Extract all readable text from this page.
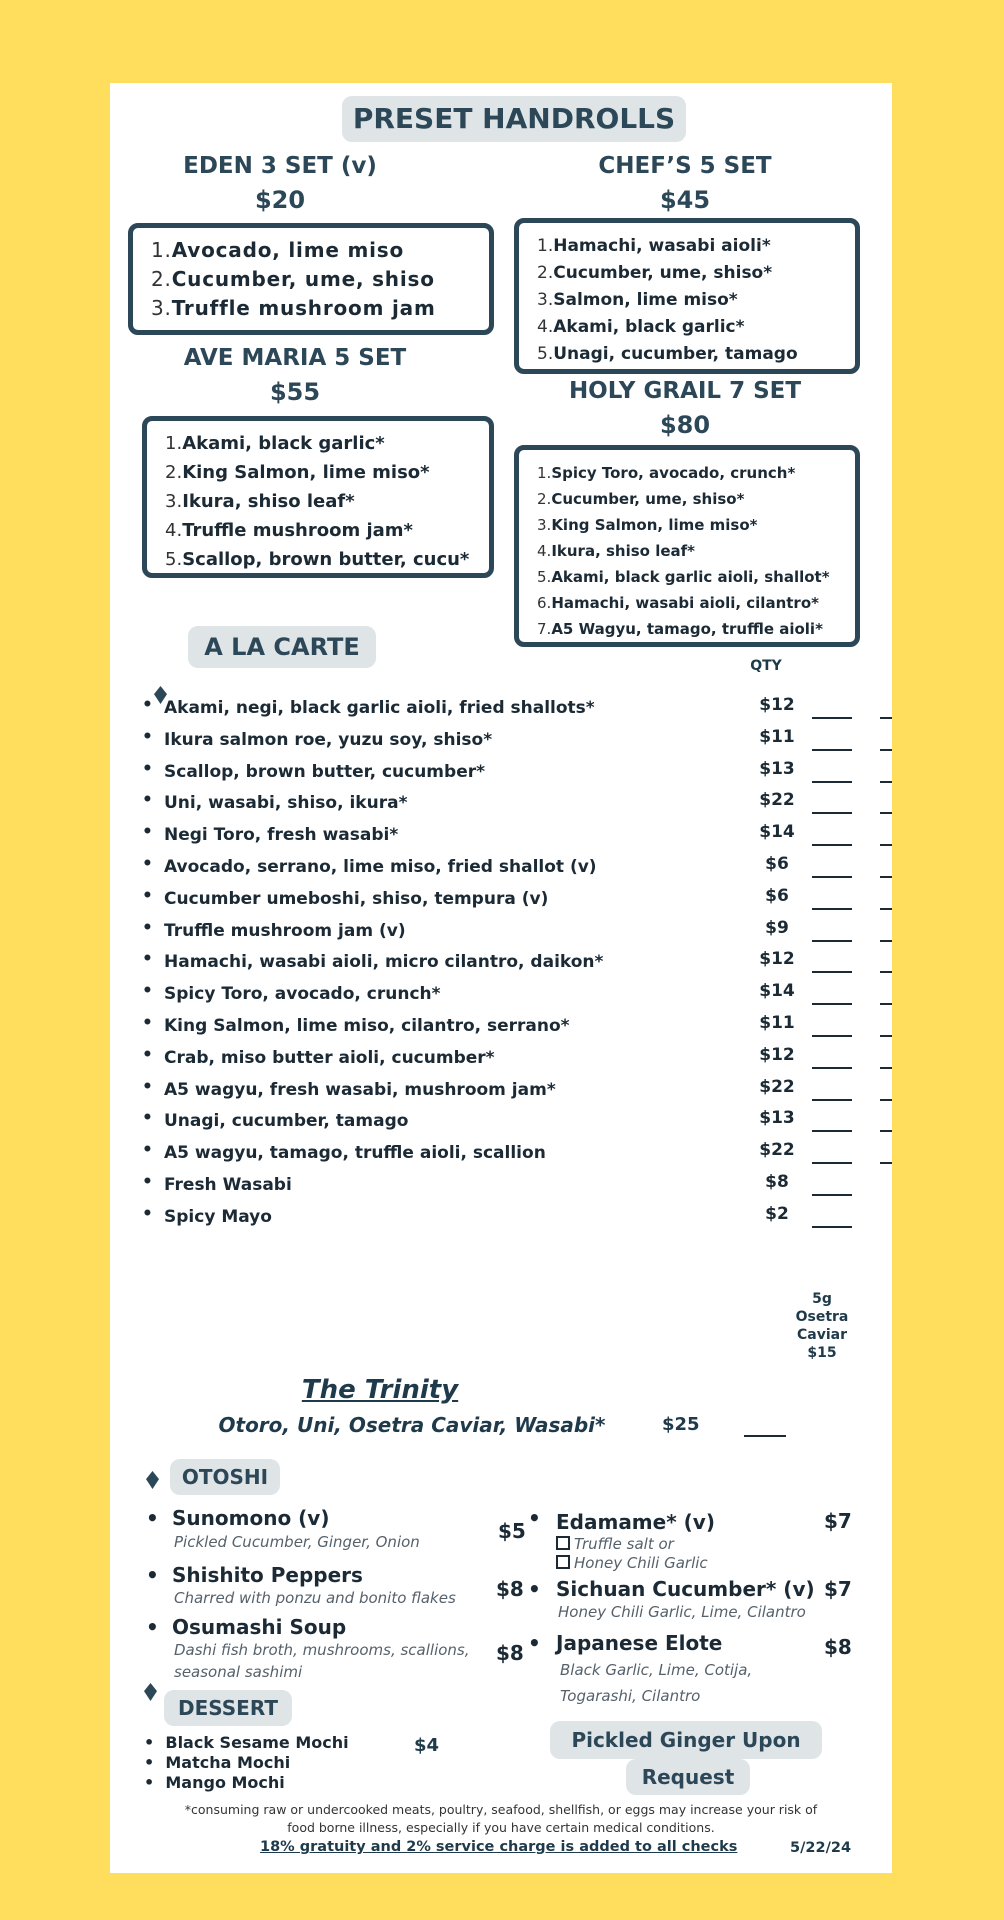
PRESET HANDROLLS
EDEN 3 SET (v)
$20
1.Avocado, lime miso
2.Cucumber, ume, shiso
3.Truffle mushroom jam
CHEF’S 5 SET
$45
1.Hamachi, wasabi aioli*
2.Cucumber, ume, shiso*
3.Salmon, lime miso*
4.Akami, black garlic*
5.Unagi, cucumber, tamago
AVE MARIA 5 SET
$55
1.Akami, black garlic*
2.King Salmon, lime miso*
3.Ikura, shiso leaf*
4.Truffle mushroom jam*
5.Scallop, brown butter, cucu*
HOLY GRAIL 7 SET
$80
1.Spicy Toro, avocado, crunch*
2.Cucumber, ume, shiso*
3.King Salmon, lime miso*
4.Ikura, shiso leaf*
5.Akami, black garlic aioli, shallot*
6.Hamachi, wasabi aioli, cilantro*
7.A5 Wagyu, tamago, truffle aioli*
A LA CARTE
QTY
• Akami, negi, black garlic aioli, fried shallots*	$12
• Ikura salmon roe, yuzu soy, shiso*	$11
• Scallop, brown butter, cucumber*	$13
• Uni, wasabi, shiso, ikura*	$22
• Negi Toro, fresh wasabi*	$14
• Avocado, serrano, lime miso, fried shallot (v)	$6
• Cucumber umeboshi, shiso, tempura (v)	$6
• Truffle mushroom jam (v)	$9
• Hamachi, wasabi aioli, micro cilantro, daikon*	$12
• Spicy Toro, avocado, crunch*	$14
• King Salmon, lime miso, cilantro, serrano*	$11
• Crab, miso butter aioli, cucumber*	$12
• A5 wagyu, fresh wasabi, mushroom jam*	$22
• Unagi, cucumber, tamago	$13
• A5 wagyu, tamago, truffle aioli, scallion	$22
• Fresh Wasabi	$8
• Spicy Mayo	$2
5g
Osetra
Caviar
$15
The Trinity
Otoro, Uni, Osetra Caviar, Wasabi*	$25
OTOSHI
• Sunomono (v)
Pickled Cucumber, Ginger, Onion	$5
• Shishito Peppers
Charred with ponzu and bonito flakes $8
• Osumashi Soup
Dashi fish broth, mushrooms, scallions,
seasonal sashimi
$8
• Edamame* (v)
Truffle salt or
Honey Chili Garlic
$7
• Sichuan Cucumber* (v)
Honey Chili Garlic, Lime, Cilantro
$7
• Japanese Elote
Black Garlic, Lime, Cotija,
Togarashi, Cilantro
$8
DESSERT
• Black Sesame Mochi
• Matcha Mochi
• Mango Mochi
$4	Pickled Ginger Upon
Request
*consuming raw or undercooked meats, poultry, seafood, shellfish, or eggs may increase your risk of
food borne illness, especially if you have certain medical conditions.
18% gratuity and 2% service charge is added to all checks	5/22/24
